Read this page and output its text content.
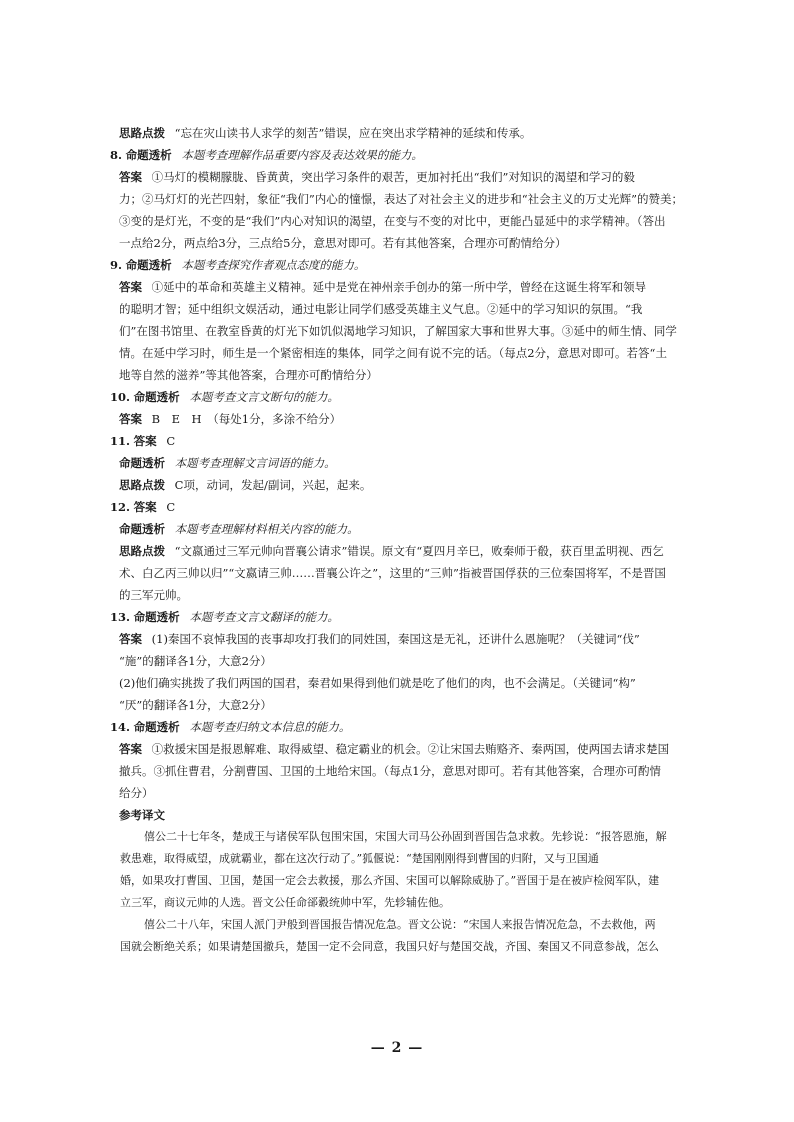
思路点拨 “忘在灾山读书人求学的刻苦”错误，应在突出求学精神的延续和传承。
8. 命题透析 本题考查理解作品重要内容及表达效果的能力。
答案 ①马灯的模糊朦胧、昏黄黄，突出学习条件的艰苦，更加衬托出“我们”对知识的渴望和学习的毅
力；②马灯灯的光芒四射，象征“我们”内心的憧憬，表达了对社会主义的进步和“社会主义的万丈光辉”的赞美；
③变的是灯光，不变的是“我们”内心对知识的渴望，在变与不变的对比中，更能凸显延中的求学精神。（答出
一点给2分，两点给3分，三点给5分，意思对即可。若有其他答案，合理亦可酌情给分）
9. 命题透析 本题考查探究作者观点态度的能力。
答案 ①延中的革命和英雄主义精神。延中是党在神州亲手创办的第一所中学，曾经在这诞生将军和领导
的聪明才智；延中组织文娱活动，通过电影让同学们感受英雄主义气息。②延中的学习知识的氛围。“我
们”在图书馆里、在教室昏黄的灯光下如饥似渴地学习知识，了解国家大事和世界大事。③延中的师生情、同学
情。在延中学习时，师生是一个紧密相连的集体，同学之间有说不完的话。（每点2分，意思对即可。若答“土
地等自然的滋养”等其他答案，合理亦可酌情给分）
10. 命题透析 本题考查文言文断句的能力。
答案 B　E　H　（每处1分，多涂不给分）
11. 答案 C
命题透析 本题考查理解文言词语的能力。
思路点拨 C项，动词，发起/副词，兴起，起来。
12. 答案 C
命题透析 本题考查理解材料相关内容的能力。
思路点拨 “文嬴通过三军元帅向晋襄公请求”错误。原文有“夏四月辛巳，败秦师于殽，获百里孟明视、西乞
术、白乙丙三帅以归”“文嬴请三帅……晋襄公许之”，这里的“三帅”指被晋国俘获的三位秦国将军，不是晋国
的三军元帅。
13. 命题透析 本题考查文言文翻译的能力。
答案 (1)秦国不哀悼我国的丧事却攻打我们的同姓国，秦国这是无礼，还讲什么恩施呢？（关键词“伐”
“施”的翻译各1分，大意2分）
(2)他们确实挑拨了我们两国的国君，秦君如果得到他们就是吃了他们的肉，也不会满足。（关键词“构”
“厌”的翻译各1分，大意2分）
14. 命题透析 本题考查归纳文本信息的能力。
答案 ①救援宋国是报恩解难、取得威望、稳定霸业的机会。②让宋国去贿赂齐、秦两国，使两国去请求楚国
撤兵。③抓住曹君，分割曹国、卫国的土地给宋国。（每点1分，意思对即可。若有其他答案，合理亦可酌情
给分）
参考译文
僖公二十七年冬，楚成王与诸侯军队包围宋国，宋国大司马公孙固到晋国告急求救。先轸说：“报答恩施，解
救患难，取得威望，成就霸业，都在这次行动了。”狐偃说：“楚国刚刚得到曹国的归附，又与卫国通
婚，如果攻打曹国、卫国，楚国一定会去救援，那么齐国、宋国可以解除威胁了。”晋国于是在被庐检阅军队，建
立三军，商议元帅的人选。晋文公任命郤縠统帅中军，先轸辅佐他。
僖公二十八年，宋国人派门尹般到晋国报告情况危急。晋文公说：“宋国人来报告情况危急，不去救他，两
国就会断绝关系；如果请楚国撤兵，楚国一定不会同意，我国只好与楚国交战，齐国、秦国又不同意参战，怎么
— 2 —
